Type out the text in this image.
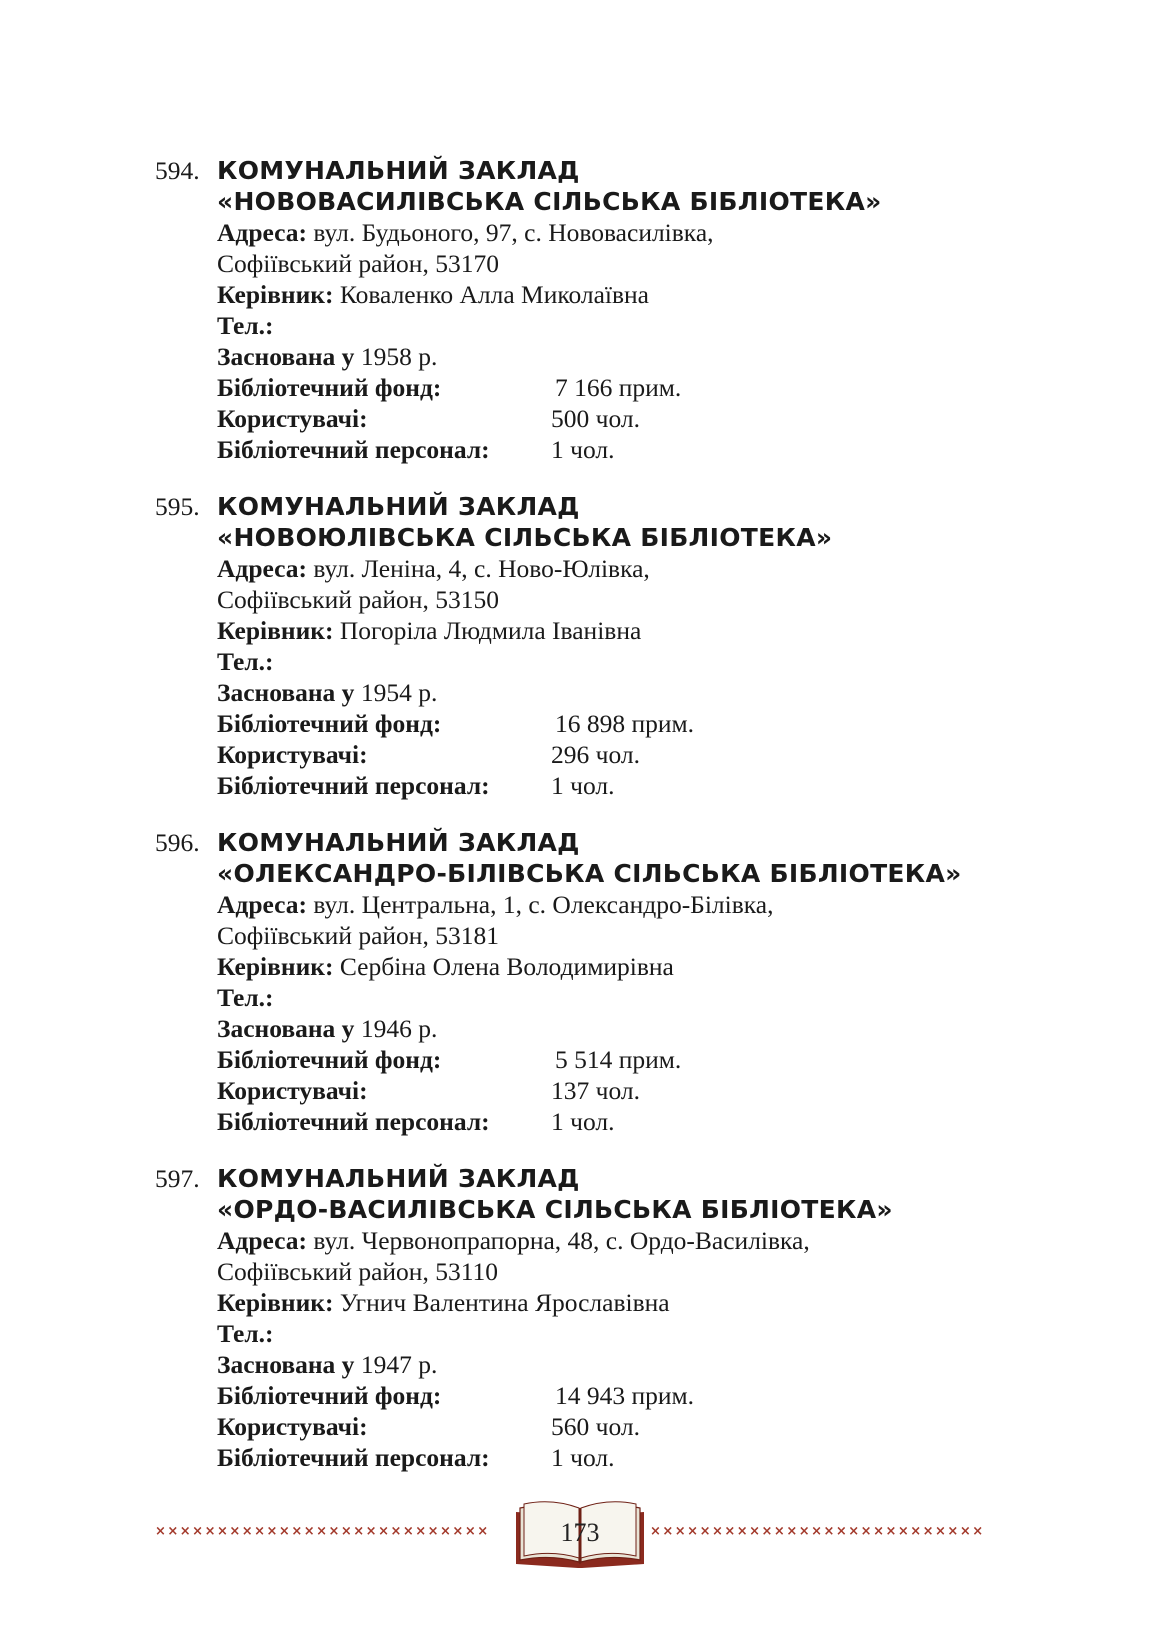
594. КОМУНАЛЬНИЙ ЗАКЛАД
«НОВОВАСИЛІВСЬКА СІЛЬСЬКА БІБЛІОТЕКА»
Адреса:
вул. Будьоного, 97, с. Нововасилівка,
Софіївський район, 53170
Керівник:
Коваленко Алла Миколаївна
Тел.:
Заснована у
1958 р.
Бібліотечний фонд:	7 166 прим.
Користувачі:	500 чол.
Бібліотечний персонал:	1 чол.
595. КОМУНАЛЬНИЙ ЗАКЛАД
«НОВОЮЛІВСЬКА СІЛЬСЬКА БІБЛІОТЕКА»
Адреса:
вул. Леніна, 4, с. Ново-Юлівка,
Софіївський район, 53150
Керівник:
Погоріла Людмила Іванівна
Тел.:
Заснована у
1954 р.
Бібліотечний фонд:	16 898 прим.
Користувачі:	296 чол.
Бібліотечний персонал:	1 чол.
596. КОМУНАЛЬНИЙ ЗАКЛАД
«ОЛЕКСАНДРО-БІЛІВСЬКА СІЛЬСЬКА БІБЛІОТЕКА»
Адреса:
вул. Центральна, 1, с. Олександро-Білівка,
Софіївський район, 53181
Керівник:
Сербіна Олена Володимирівна
Тел.:
Заснована у
1946 р.
Бібліотечний фонд:	5 514 прим.
Користувачі:	137 чол.
Бібліотечний персонал:	1 чол.
597. КОМУНАЛЬНИЙ ЗАКЛАД
«ОРДО-ВАСИЛІВСЬКА СІЛЬСЬКА БІБЛІОТЕКА»
Адреса:
вул. Червонопрапорна, 48, с. Ордо-Василівка,
Софіївський район, 53110
Керівник:
Угнич Валентина Ярославівна
Тел.:
Заснована у
1947 р.
Бібліотечний фонд:	14 943 прим.
Користувачі:	560 чол.
Бібліотечний персонал:	1 чол.
×××××××××××××××××××××××××××	173	×××××××××××××××××××××××××××
